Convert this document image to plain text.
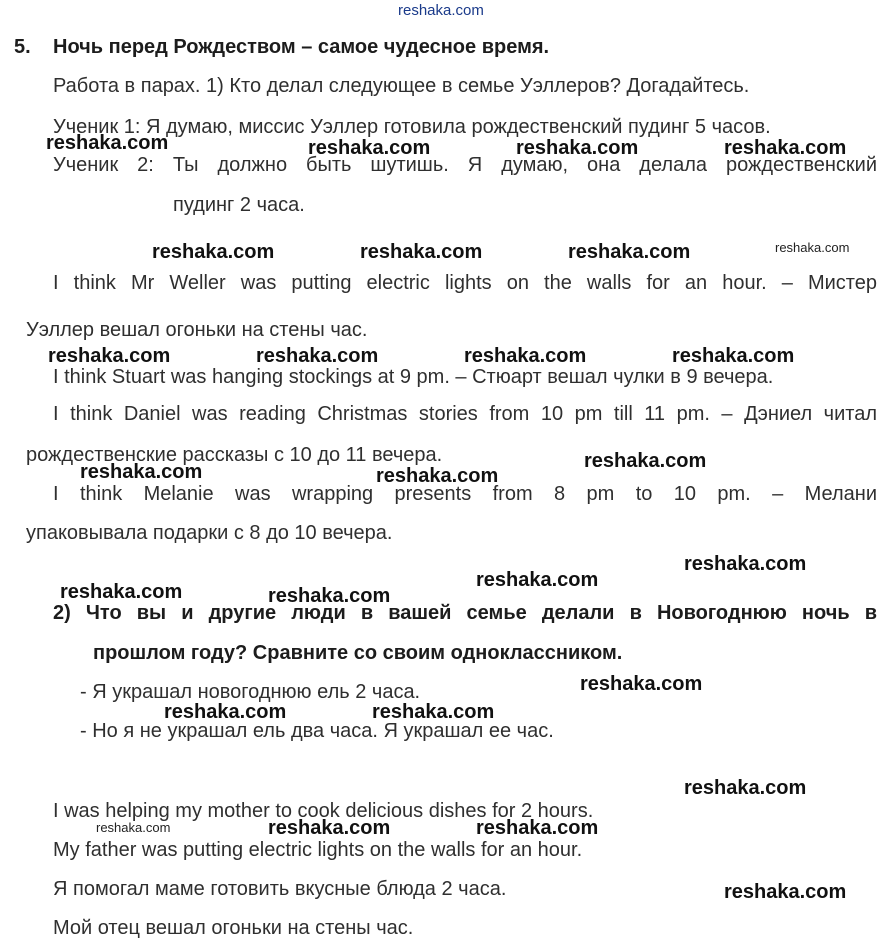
reshaka.com
5. Ночь перед Рождеством – самое чудесное время.
Работа в парах. 1) Кто делал следующее в семье Уэллеров? Догадайтесь.
Ученик 1: Я думаю, миссис Уэллер готовила рождественский пудинг 5 часов.
Ученик 2: Ты должно быть шутишь. Я думаю, она делала рождественский
пудинг 2 часа.
I think Mr Weller was putting electric lights on the walls for an hour. – Мистер
Уэллер вешал огоньки на стены час.
I think Stuart was hanging stockings at 9 pm. – Стюарт вешал чулки в 9 вечера.
I think Daniel was reading Christmas stories from 10 pm till 11 pm. – Дэниел читал
рождественские рассказы с 10 до 11 вечера.
I think Melanie was wrapping presents from 8 pm to 10 pm. – Мелани
упаковывала подарки с 8 до 10 вечера.
2) Что вы и другие люди в вашей семье делали в Новогоднюю ночь в
прошлом году? Сравните со своим одноклассником.
- Я украшал новогоднюю ель 2 часа.
- Но я не украшал ель два часа. Я украшал ее час.
I was helping my mother to cook delicious dishes for 2 hours.
My father was putting electric lights on the walls for an hour.
Я помогал маме готовить вкусные блюда 2 часа.
Мой отец вешал огоньки на стены час.
reshaka.com	reshaka.com	reshaka.com	reshaka.com
reshaka.com	reshaka.com	reshaka.com	reshaka.com
reshaka.com	reshaka.com	reshaka.com	reshaka.com
reshaka.com
reshaka.com	reshaka.com
reshaka.com
reshaka.com
reshaka.com	reshaka.com
reshaka.com
reshaka.com	reshaka.com
reshaka.com
reshaka.com	reshaka.com	reshaka.com
reshaka.com
